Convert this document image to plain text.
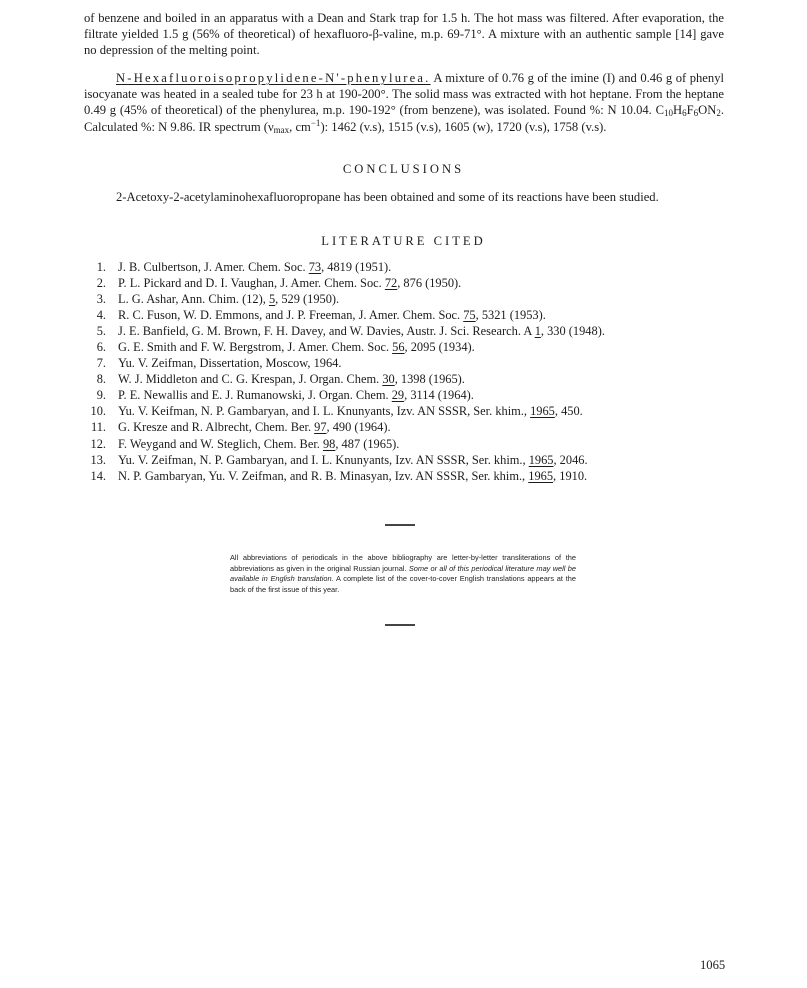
of benzene and boiled in an apparatus with a Dean and Stark trap for 1.5 h. The hot mass was filtered. After evaporation, the filtrate yielded 1.5 g (56% of theoretical) of hexafluoro-β-valine, m.p. 69-71°. A mixture with an authentic sample [14] gave no depression of the melting point.
N-Hexafluoroisopropylidene-N'-phenylurea. A mixture of 0.76 g of the imine (I) and 0.46 g of phenyl isocyanate was heated in a sealed tube for 23 h at 190-200°. The solid mass was extracted with hot heptane. From the heptane 0.49 g (45% of theoretical) of the phenylurea, m.p. 190-192° (from benzene), was isolated. Found %: N 10.04. $C_{10}H_6F_6ON_2$. Calculated %: N 9.86. IR spectrum ($\nu_{max}$, $cm^{-1}$): 1462 (v.s), 1515 (v.s), 1605 (w), 1720 (v.s), 1758 (v.s).
CONCLUSIONS
2-Acetoxy-2-acetylaminohexafluoropropane has been obtained and some of its reactions have been studied.
LITERATURE CITED
1. J. B. Culbertson, J. Amer. Chem. Soc. 73, 4819 (1951).
2. P. L. Pickard and D. I. Vaughan, J. Amer. Chem. Soc. 72, 876 (1950).
3. L. G. Ashar, Ann. Chim. (12), 5, 529 (1950).
4. R. C. Fuson, W. D. Emmons, and J. P. Freeman, J. Amer. Chem. Soc. 75, 5321 (1953).
5. J. E. Banfield, G. M. Brown, F. H. Davey, and W. Davies, Austr. J. Sci. Research. A 1, 330 (1948).
6. G. E. Smith and F. W. Bergstrom, J. Amer. Chem. Soc. 56, 2095 (1934).
7. Yu. V. Zeifman, Dissertation, Moscow, 1964.
8. W. J. Middleton and C. G. Krespan, J. Organ. Chem. 30, 1398 (1965).
9. P. E. Newallis and E. J. Rumanowski, J. Organ. Chem. 29, 3114 (1964).
10. Yu. V. Keifman, N. P. Gambaryan, and I. L. Knunyants, Izv. AN SSSR, Ser. khim., 1965, 450.
11. G. Kresze and R. Albrecht, Chem. Ber. 97, 490 (1964).
12. F. Weygand and W. Steglich, Chem. Ber. 98, 487 (1965).
13. Yu. V. Zeifman, N. P. Gambaryan, and I. L. Knunyants, Izv. AN SSSR, Ser. khim., 1965, 2046.
14. N. P. Gambaryan, Yu. V. Zeifman, and R. B. Minasyan, Izv. AN SSSR, Ser. khim., 1965, 1910.
All abbreviations of periodicals in the above bibliography are letter-by-letter transliterations of the abbreviations as given in the original Russian journal. Some or all of this periodical literature may well be available in English translation. A complete list of the cover-to-cover English translations appears at the back of the first issue of this year.
1065
